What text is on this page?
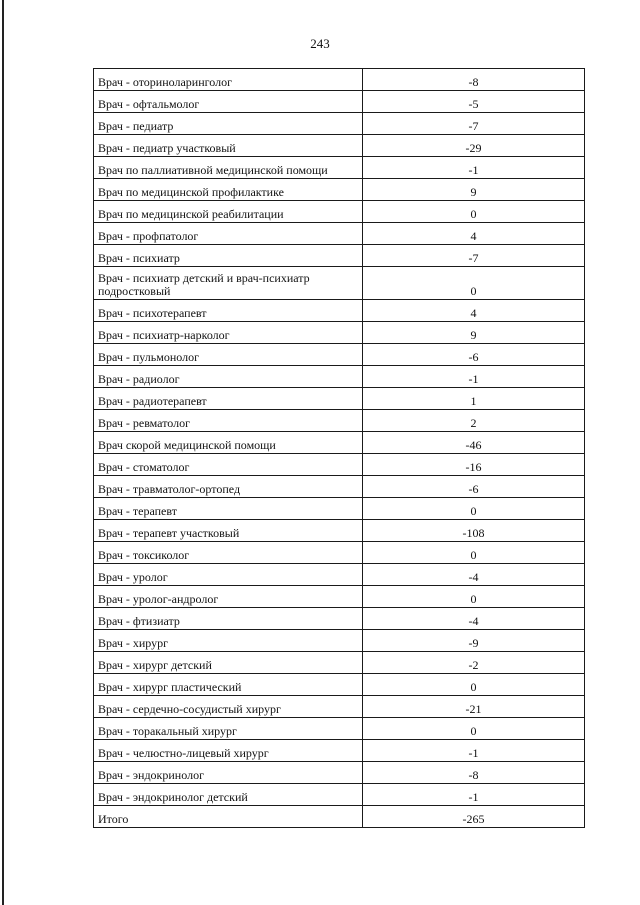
243
Врач - оториноларинголог	-8
Врач - офтальмолог	-5
Врач - педиатр	-7
Врач - педиатр участковый	-29
Врач по паллиативной медицинской помощи	-1
Врач по медицинской профилактике	9
Врач по медицинской реабилитации	0
Врач - профпатолог	4
Врач - психиатр	-7
Врач - психиатр детский и врач-психиатр подростковый	0
Врач - психотерапевт	4
Врач - психиатр-нарколог	9
Врач - пульмонолог	-6
Врач - радиолог	-1
Врач - радиотерапевт	1
Врач - ревматолог	2
Врач скорой медицинской помощи	-46
Врач - стоматолог	-16
Врач - травматолог-ортопед	-6
Врач - терапевт	0
Врач - терапевт участковый	-108
Врач - токсиколог	0
Врач - уролог	-4
Врач - уролог-андролог	0
Врач - фтизиатр	-4
Врач - хирург	-9
Врач - хирург детский	-2
Врач - хирург пластический	0
Врач - сердечно-сосудистый хирург	-21
Врач - торакальный хирург	0
Врач - челюстно-лицевый хирург	-1
Врач - эндокринолог	-8
Врач - эндокринолог детский	-1
Итого	-265
